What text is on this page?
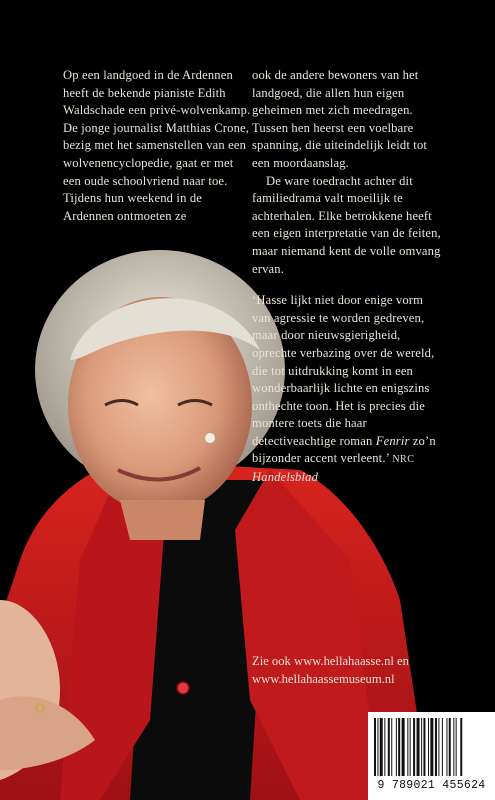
Op een landgoed in de Ardennen heeft de bekende pianiste Edith Waldschade een privé-wolvenkamp. De jonge journalist Matthias Crone, bezig met het samenstellen van een wolvenencyclopedie, gaat er met een oude schoolvriend naar toe. Tijdens hun weekend in de Ardennen ontmoeten ze

ook de andere bewoners van het landgoed, die allen hun eigen geheimen met zich meedragen. Tussen hen heerst een voelbare spanning, die uiteindelijk leidt tot een moordaanslag.

De ware toedracht achter dit familiedrama valt moeilijk te achterhalen. Elke betrokkene heeft een eigen interpretatie van de feiten, maar niemand kent de volle omvang ervan.

‘Hasse lijkt niet door enige vorm van agressie te worden gedreven, maar door nieuwsgierigheid, oprechte verbazing over de wereld, die tot uitdrukking komt in een wonderbaarlijk lichte en enigszins onthechte toon. Het is precies die montere toets die haar detectiveachtige roman Fenrir zo’n bijzonder accent verleent.’ NRC
Handelsblad

Zie ook www.hellahaasse.nl en
www.hellahaassemuseum.nl
9 789021 455624
